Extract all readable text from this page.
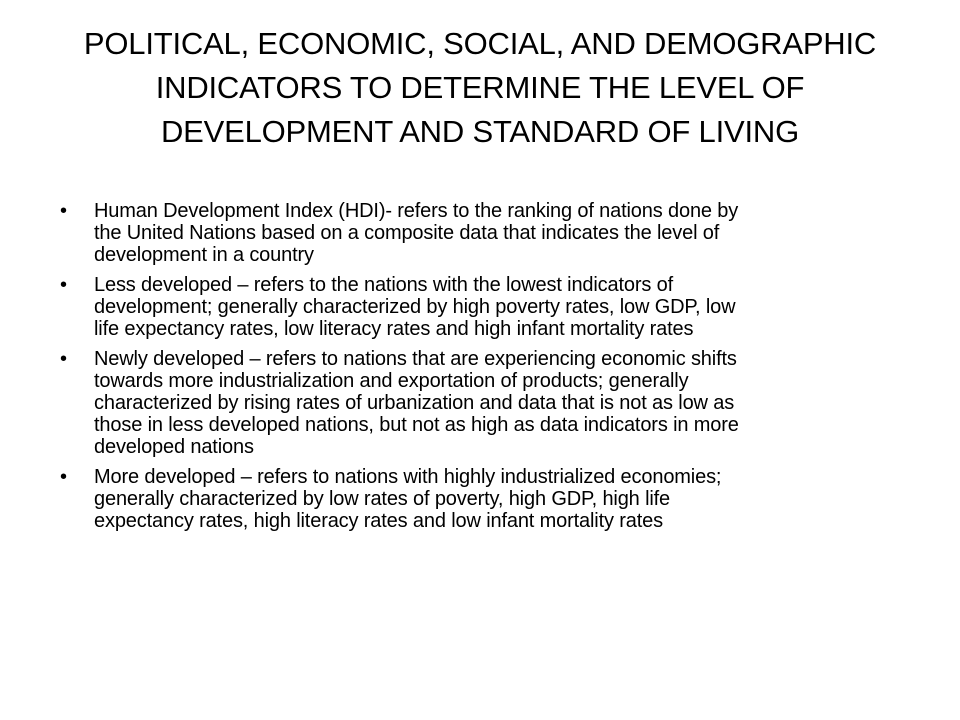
POLITICAL, ECONOMIC, SOCIAL, AND DEMOGRAPHIC
INDICATORS TO DETERMINE THE LEVEL OF
DEVELOPMENT AND STANDARD OF LIVING
• Human Development Index (HDI)- refers to the ranking of nations done by
the United Nations based on a composite data that indicates the level of
development in a country
• Less developed – refers to the nations with the lowest indicators of
development; generally characterized by high poverty rates, low GDP, low
life expectancy rates, low literacy rates and high infant mortality rates
• Newly developed – refers to nations that are experiencing economic shifts
towards more industrialization and exportation of products; generally
characterized by rising rates of urbanization and data that is not as low as
those in less developed nations, but not as high as data indicators in more
developed nations
• More developed – refers to nations with highly industrialized economies;
generally characterized by low rates of poverty, high GDP, high life
expectancy rates, high literacy rates and low infant mortality rates
